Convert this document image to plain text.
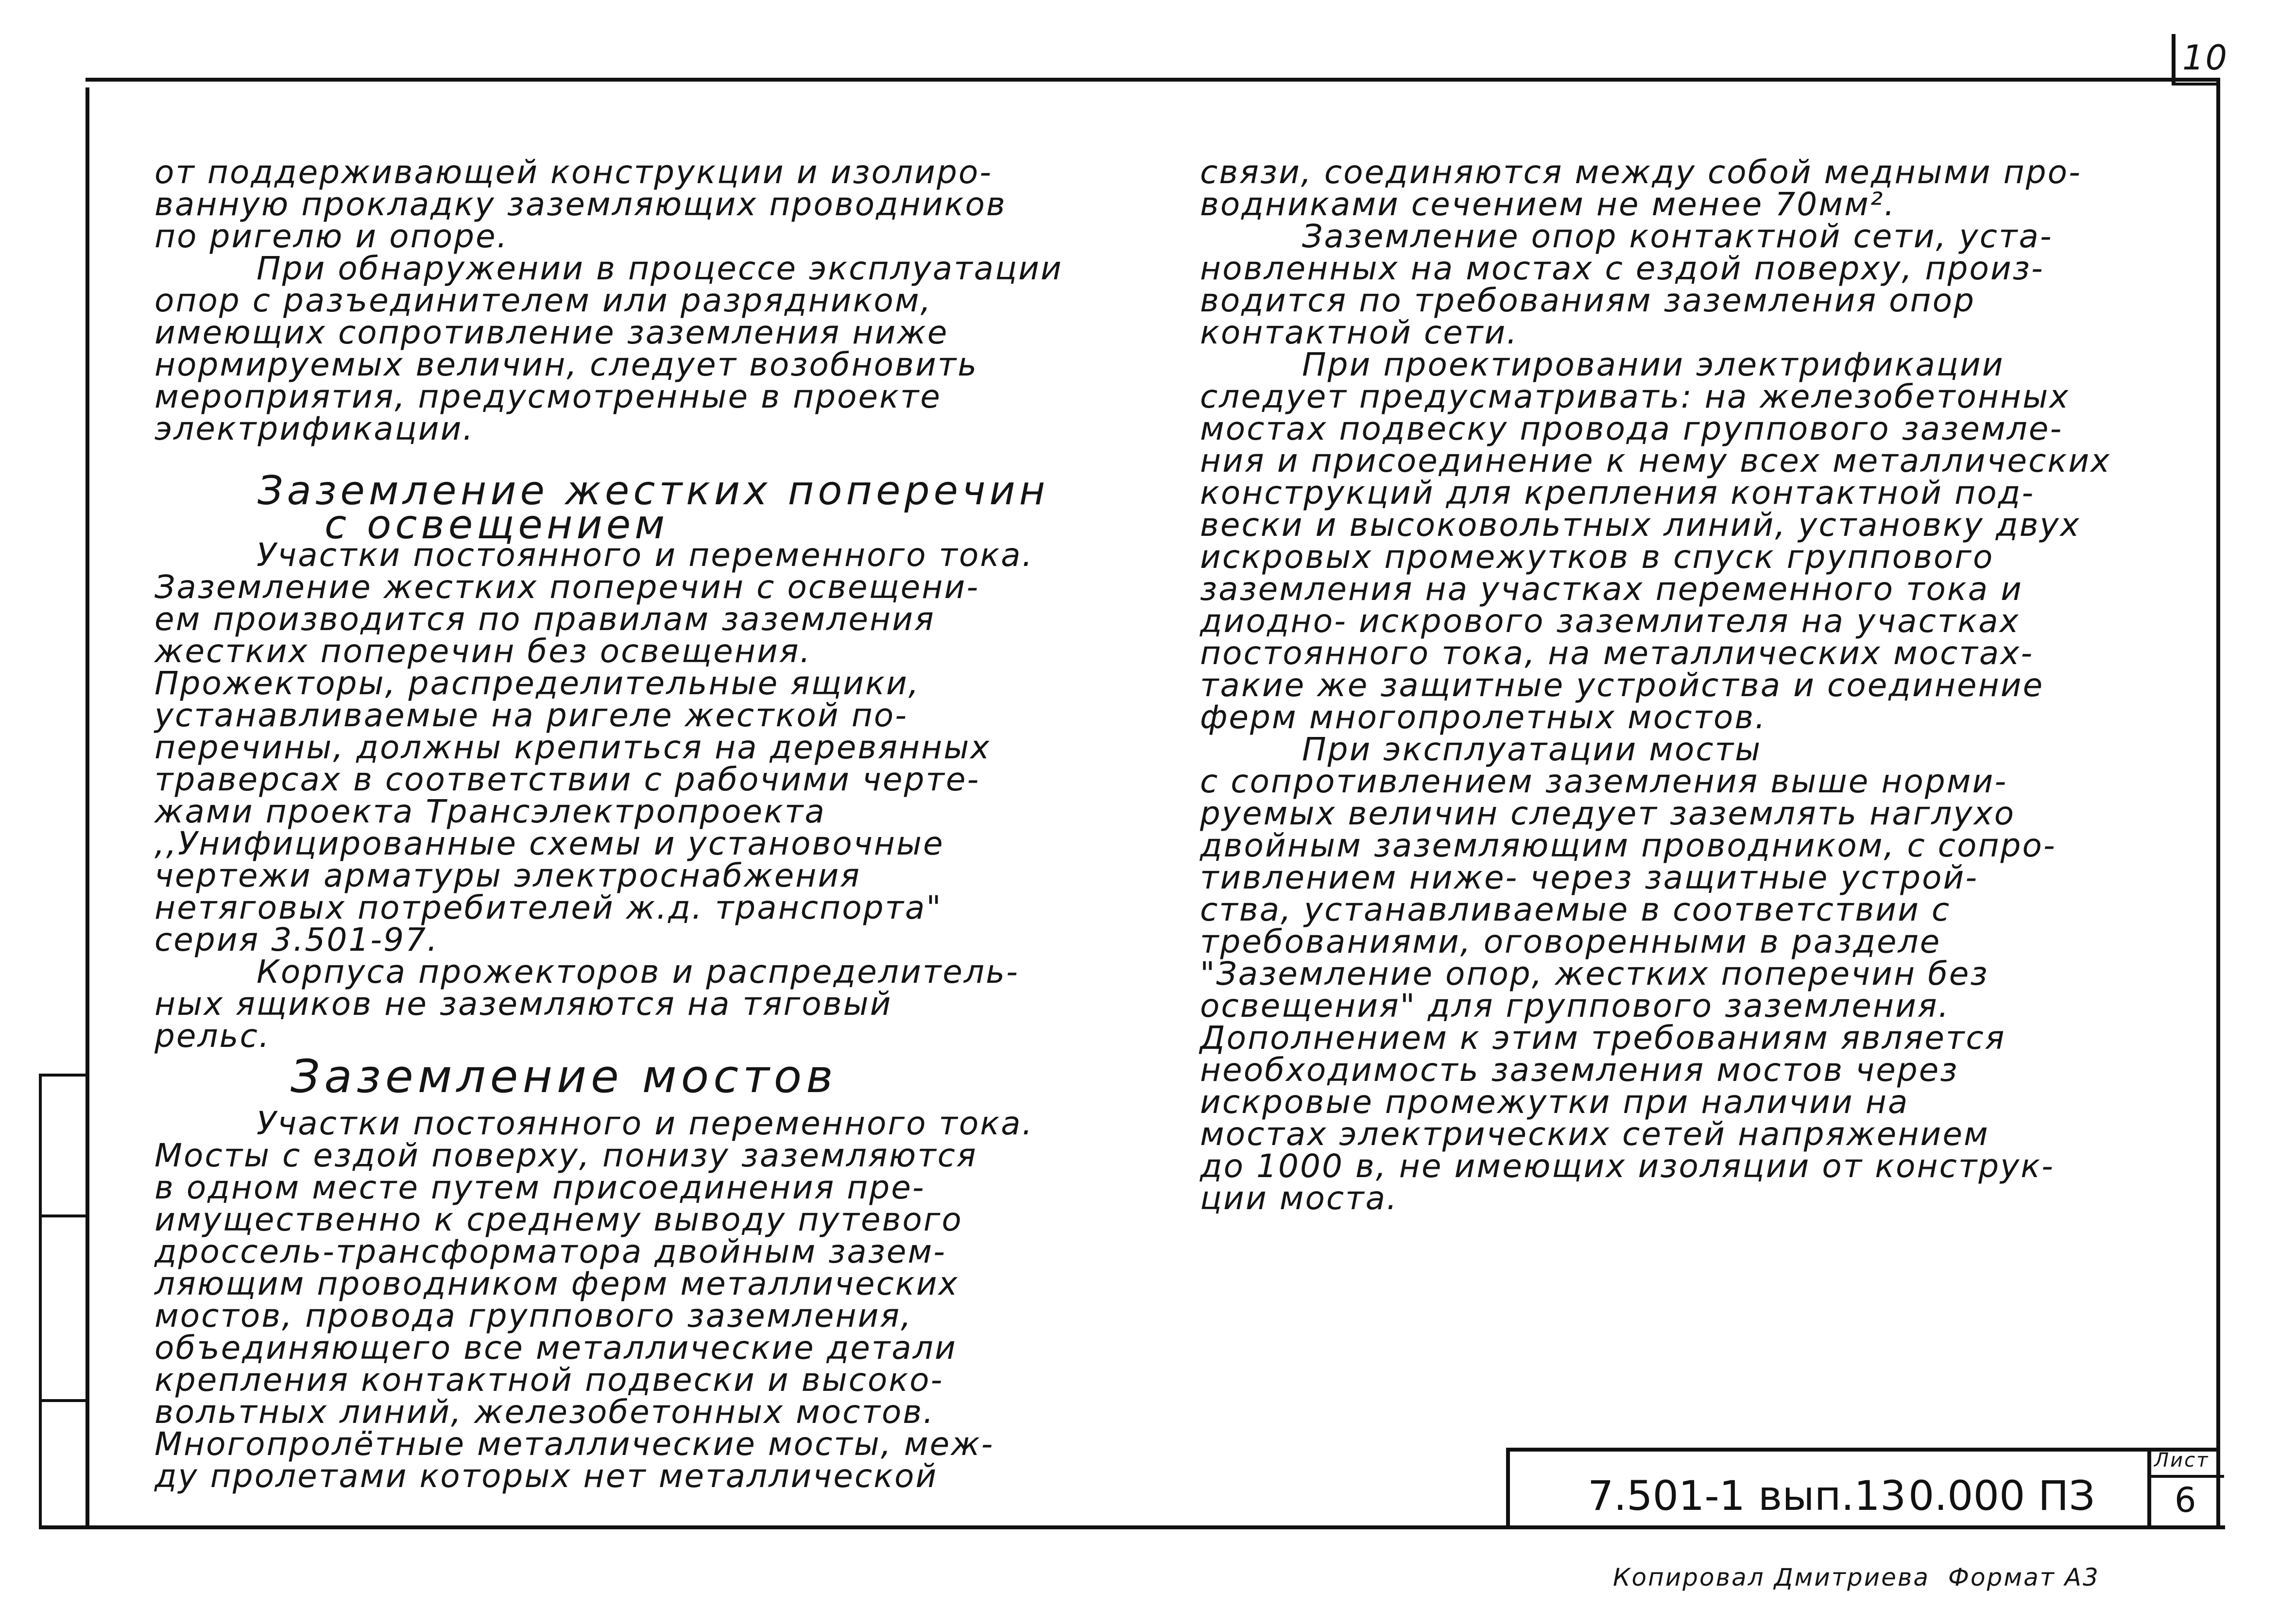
10

от поддерживающей конструкции и изолиро-

ванную прокладку заземляющих проводников

по ригелю и опоре.

При обнаружении в процессе эксплуатации

опор с разъединителем или разрядником,

имеющих сопротивление заземления ниже

нормируемых величин, следует возобновить

мероприятия, предусмотренные в проекте

электрификации.

Заземление жестких поперечин
с освещением

Участки постоянного и переменного тока.

Заземление жестких поперечин с освещени-

ем производится по правилам заземления

жестких поперечин без освещения.

Прожекторы, распределительные ящики,

устанавливаемые на ригеле жесткой по-

перечины, должны крепиться на деревянных

траверсах в соответствии с рабочими черте-

жами проекта Трансэлектропроекта

,,Унифицированные схемы и установочные

чертежи арматуры электроснабжения

нетяговых потребителей ж.д. транспорта"

серия 3.501-97.

Корпуса прожекторов и распределитель-

ных ящиков не заземляются на тяговый

рельс.

Заземление мостов

Участки постоянного и переменного тока.

Мосты с ездой поверху, понизу заземляются

в одном месте путем присоединения пре-

имущественно к среднему выводу путевого

дроссель-трансформатора двойным зазем-

ляющим проводником ферм металлических

мостов, провода группового заземления,

объединяющего все металлические детали

крепления контактной подвески и высоко-

вольтных линий, железобетонных мостов.

Многопролётные металлические мосты, меж-

ду пролетами которых нет металлической

связи, соединяются между собой медными про-

водниками сечением не менее 70мм².

Заземление опор контактной сети, уста-

новленных на мостах с ездой поверху, произ-

водится по требованиям заземления опор

контактной сети.

При проектировании электрификации

следует предусматривать: на железобетонных

мостах подвеску провода группового заземле-

ния и присоединение к нему всех металлических

конструкций для крепления контактной под-

вески и высоковольтных линий, установку двух

искровых промежутков в спуск группового

заземления на участках переменного тока и

диодно- искрового заземлителя на участках

постоянного тока, на металлических мостах-

такие же защитные устройства и соединение

ферм многопролетных мостов.

При эксплуатации мосты

с сопротивлением заземления выше норми-

руемых величин следует заземлять наглухо

двойным заземляющим проводником, с сопро-

тивлением ниже- через защитные устрой-

ства, устанавливаемые в соответствии с

требованиями, оговоренными в разделе

"Заземление опор, жестких поперечин без

освещения" для группового заземления.

Дополнением к этим требованиям является

необходимость заземления мостов через

искровые промежутки при наличии на

мостах электрических сетей напряжением

до 1000 в, не имеющих изоляции от конструк-

ции моста.

7.501-1 вып.13 0.000 ПЗ
Лист
6
Копировал Дмитриева Формат А3
